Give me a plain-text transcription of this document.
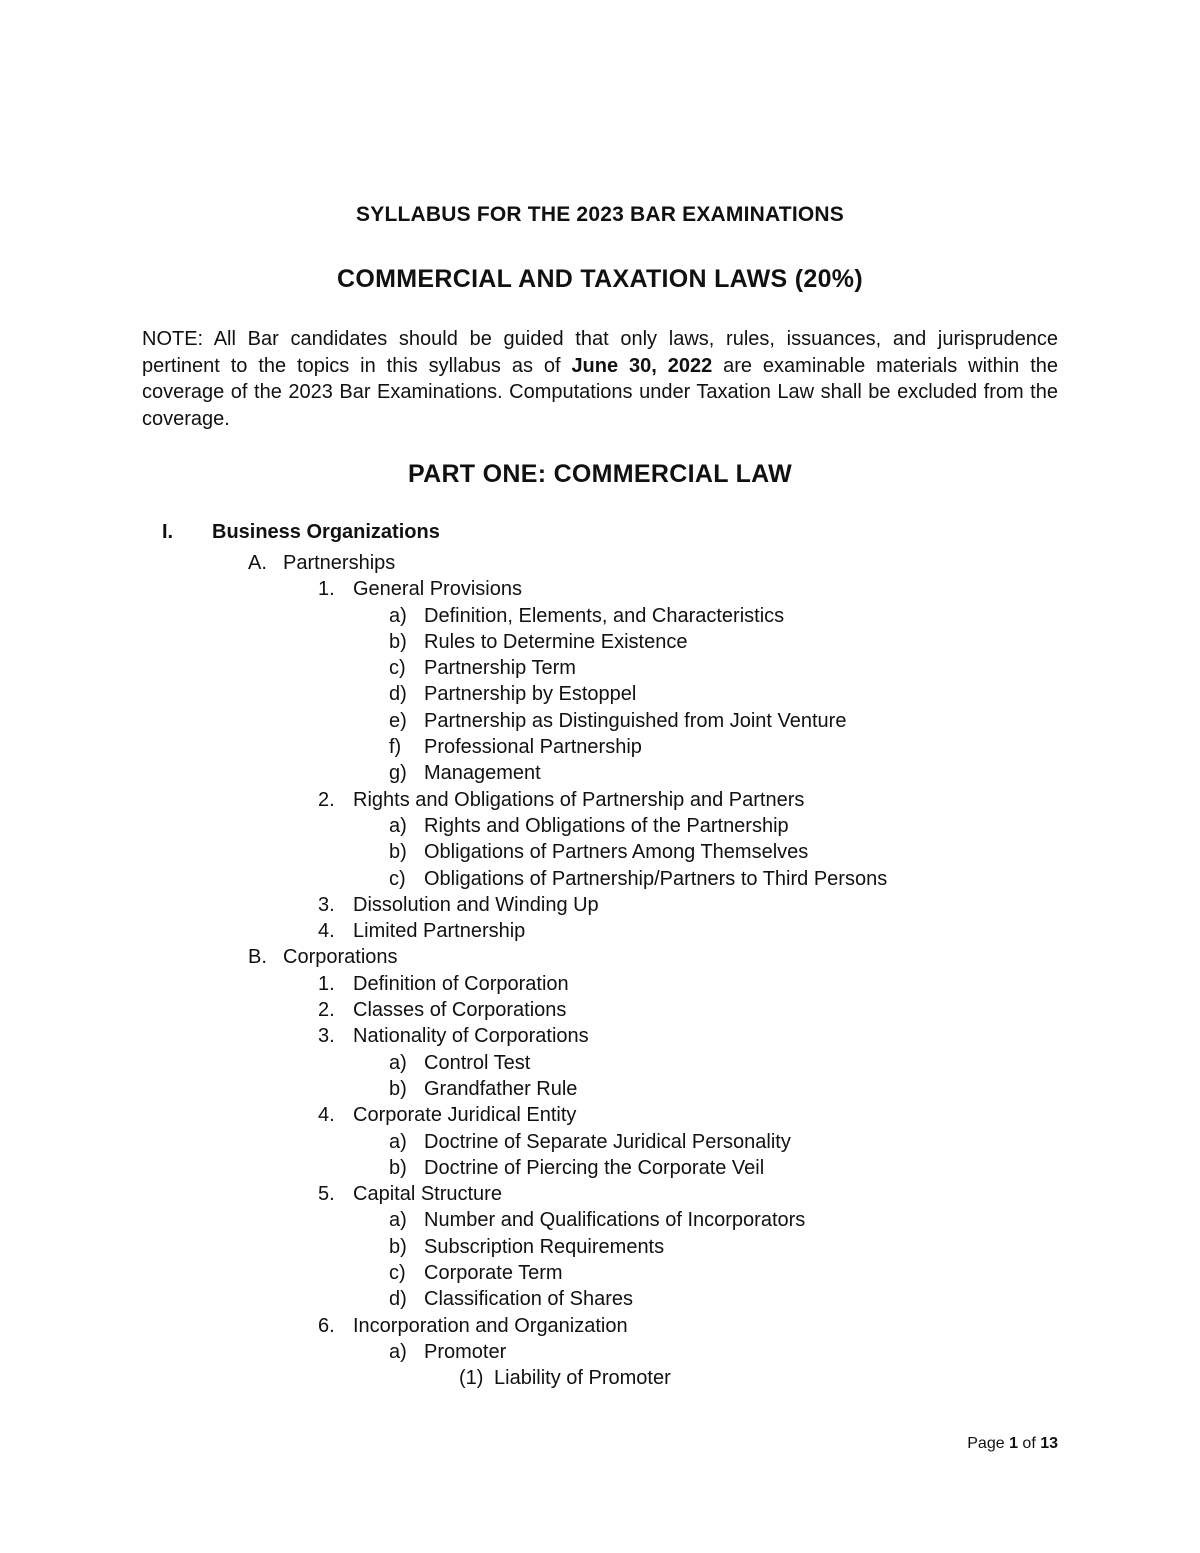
SYLLABUS FOR THE 2023 BAR EXAMINATIONS
COMMERCIAL AND TAXATION LAWS (20%)
NOTE: All Bar candidates should be guided that only laws, rules, issuances, and jurisprudence pertinent to the topics in this syllabus as of June 30, 2022 are examinable materials within the coverage of the 2023 Bar Examinations. Computations under Taxation Law shall be excluded from the coverage.
PART ONE: COMMERCIAL LAW
I. Business Organizations
A. Partnerships
1. General Provisions
a) Definition, Elements, and Characteristics
b) Rules to Determine Existence
c) Partnership Term
d) Partnership by Estoppel
e) Partnership as Distinguished from Joint Venture
f) Professional Partnership
g) Management
2. Rights and Obligations of Partnership and Partners
a) Rights and Obligations of the Partnership
b) Obligations of Partners Among Themselves
c) Obligations of Partnership/Partners to Third Persons
3. Dissolution and Winding Up
4. Limited Partnership
B. Corporations
1. Definition of Corporation
2. Classes of Corporations
3. Nationality of Corporations
a) Control Test
b) Grandfather Rule
4. Corporate Juridical Entity
a) Doctrine of Separate Juridical Personality
b) Doctrine of Piercing the Corporate Veil
5. Capital Structure
a) Number and Qualifications of Incorporators
b) Subscription Requirements
c) Corporate Term
d) Classification of Shares
6. Incorporation and Organization
a) Promoter
(1) Liability of Promoter
Page 1 of 13
